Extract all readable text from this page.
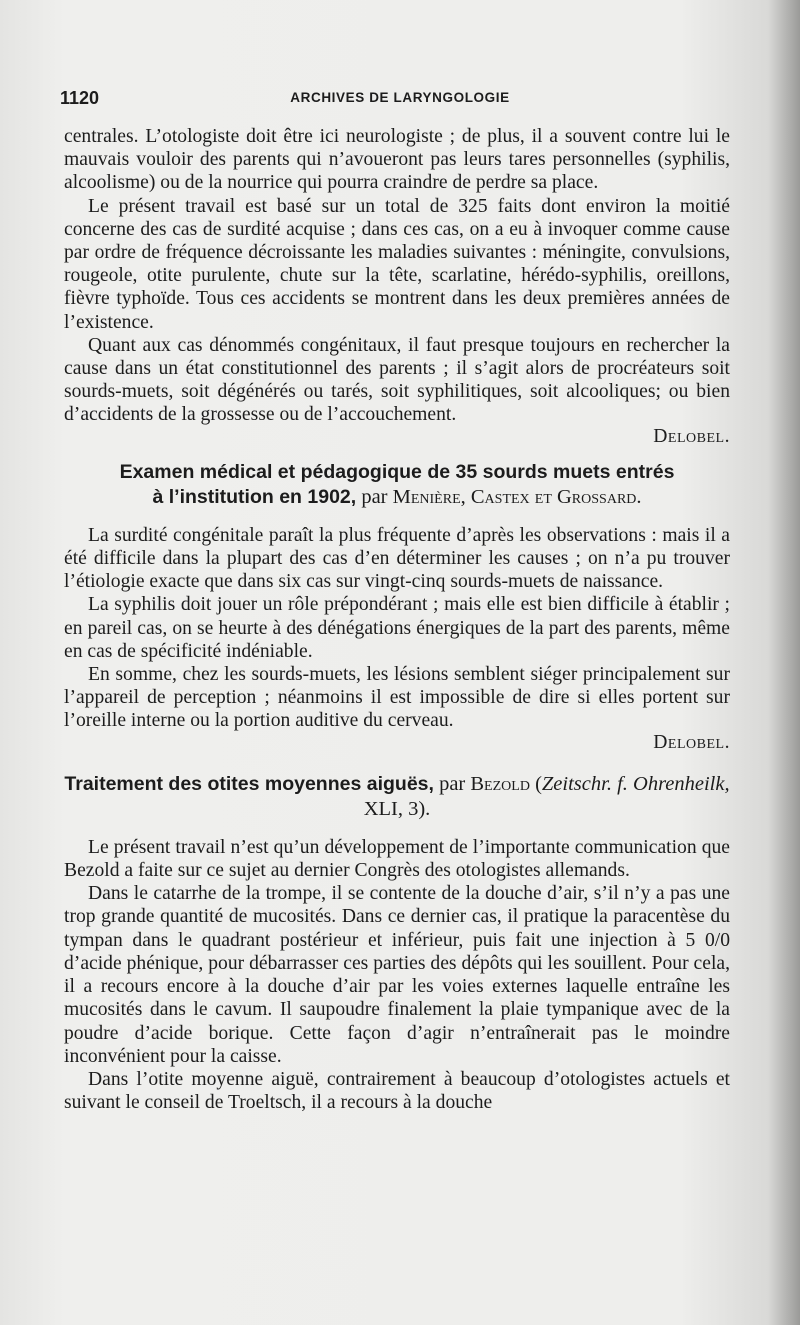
1120	ARCHIVES DE LARYNGOLOGIE

centrales. L’otologiste doit être ici neurologiste ; de plus, il a souvent contre lui le mauvais vouloir des parents qui n’avoueront pas leurs tares personnelles (syphilis, alcoolisme) ou de la nourrice qui pourra craindre de perdre sa place.

Le présent travail est basé sur un total de 325 faits dont environ la moitié concerne des cas de surdité acquise ; dans ces cas, on a eu à invoquer comme cause par ordre de fréquence décroissante les maladies suivantes : méningite, convulsions, rougeole, otite purulente, chute sur la tête, scarlatine, hérédo-syphilis, oreillons, fièvre typhoïde. Tous ces accidents se montrent dans les deux premières années de l’existence.

Quant aux cas dénommés congénitaux, il faut presque toujours en rechercher la cause dans un état constitutionnel des parents ; il s’agit alors de procréateurs soit sourds-muets, soit dégénérés ou tarés, soit syphilitiques, soit alcooliques; ou bien d’accidents de la grossesse ou de l’accouchement.

Delobel.

Examen médical et pédagogique de 35 sourds muets entrés
à l’institution en 1902, par Menière, Castex et Grossard.

La surdité congénitale paraît la plus fréquente d’après les observations : mais il a été difficile dans la plupart des cas d’en déterminer les causes ; on n’a pu trouver l’étiologie exacte que dans six cas sur vingt-cinq sourds-muets de naissance.

La syphilis doit jouer un rôle prépondérant ; mais elle est bien difficile à établir ; en pareil cas, on se heurte à des dénégations énergiques de la part des parents, même en cas de spécificité indéniable.

En somme, chez les sourds-muets, les lésions semblent siéger principalement sur l’appareil de perception ; néanmoins il est impossible de dire si elles portent sur l’oreille interne ou la portion auditive du cerveau.

Delobel.

Traitement des otites moyennes aiguës, par Bezold (Zeitschr. f. Ohrenheilk, XLI, 3).

Le présent travail n’est qu’un développement de l’importante communication que Bezold a faite sur ce sujet au dernier Congrès des otologistes allemands.

Dans le catarrhe de la trompe, il se contente de la douche d’air, s’il n’y a pas une trop grande quantité de mucosités. Dans ce dernier cas, il pratique la paracentèse du tympan dans le quadrant postérieur et inférieur, puis fait une injection à 5 0/0 d’acide phénique, pour débarrasser ces parties des dépôts qui les souillent. Pour cela, il a recours encore à la douche d’air par les voies externes laquelle entraîne les mucosités dans le cavum. Il saupoudre finalement la plaie tympanique avec de la poudre d’acide borique. Cette façon d’agir n’entraînerait pas le moindre inconvénient pour la caisse.

Dans l’otite moyenne aiguë, contrairement à beaucoup d’otologistes actuels et suivant le conseil de Troeltsch, il a recours à la douche
